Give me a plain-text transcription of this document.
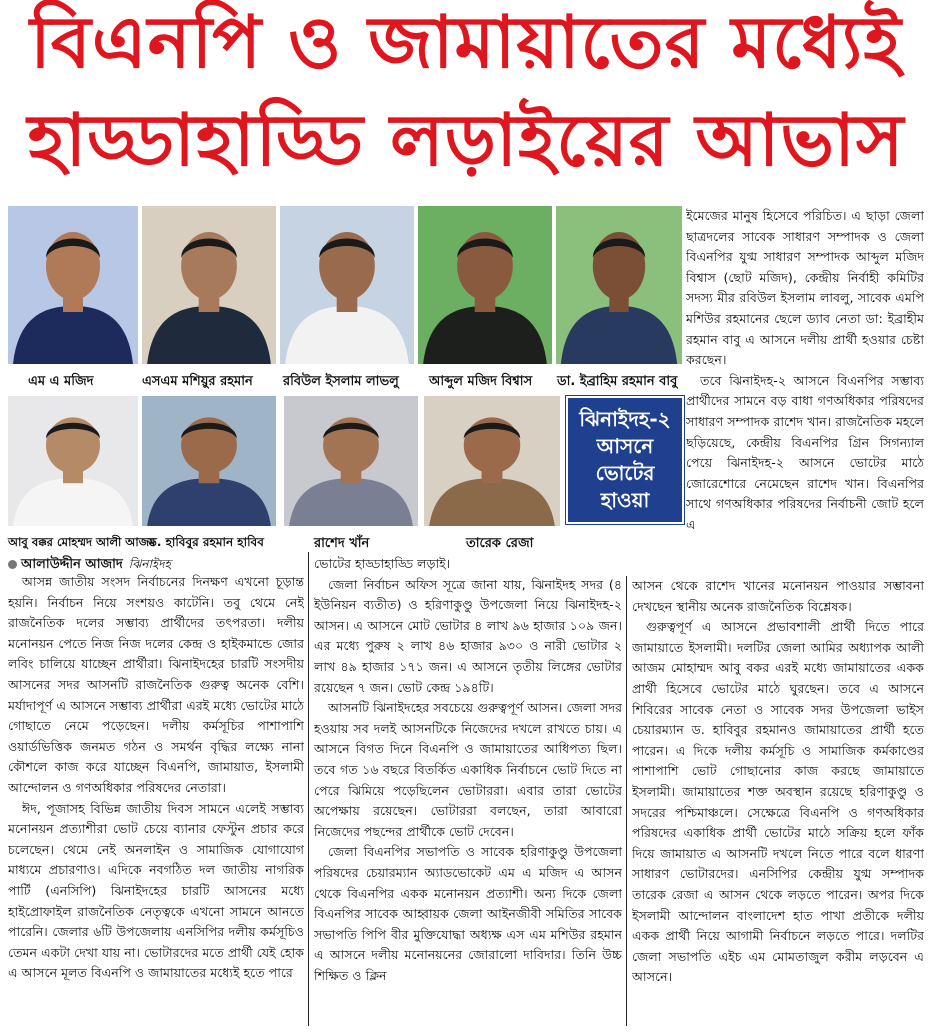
বিএনপি ও জামায়াতের মধ্যেই
হাড্ডাহাড্ডি লড়াইয়ের আভাস
এম এ মজিদ	এসএম মশিয়ুর রহমান রবিউল ইসলাম লাভলু আব্দুল মজিদ বিশ্বাস ডা. ইব্রাহিম রহমান বাবু
ঝিনাইদহ-২ আসনে ভোটের হাওয়া
আবু বক্কর মোহম্মদ আলী আজম
ড. হাবিবুর রহমান হাবিব	রাশেদ খাঁন	তারেক রেজা
আলাউদ্দীন আজাদ ঝিনাইদহ

আসন্ন জাতীয় সংসদ নির্বাচনের দিনক্ষণ এখনো চূড়ান্ত হয়নি। নির্বাচন নিয়ে সংশয়ও কাটেনি। তবু থেমে নেই রাজনৈতিক দলের সম্ভাব্য প্রার্থীদের তৎপরতা। দলীয় মনোনয়ন পেতে নিজ নিজ দলের কেন্দ্র ও হাইকমান্ডে জোর লবিং চালিয়ে যাচ্ছেন প্রার্থীরা। ঝিনাইদহের চারটি সংসদীয় আসনের সদর আসনটি রাজনৈতিক গুরুত্ব অনেক বেশি। মর্যাদাপূর্ণ এ আসনে সম্ভাব্য প্রার্থীরা এরই মধ্যে ভোটের মাঠে গোছাতে নেমে পড়েছেন। দলীয় কর্মসূচির পাশাপাশি ওয়ার্ডভিত্তিক জনমত গঠন ও সমর্থন বৃদ্ধির লক্ষ্যে নানা কৌশলে কাজ করে যাচ্ছেন বিএনপি, জামায়াত, ইসলামী আন্দোলন ও গণঅধিকার পরিষদের নেতারা।

ঈদ, পূজাসহ বিভিন্ন জাতীয় দিবস সামনে এলেই সম্ভাব্য মনোনয়ন প্রত্যাশীরা ভোট চেয়ে ব্যানার ফেস্টুন প্রচার করে চলেছেন। থেমে নেই অনলাইন ও সামাজিক যোগাযোগ মাধ্যমে প্রচারণাও। এদিকে নবগঠিত দল জাতীয় নাগরিক পার্টি (এনসিপি) ঝিনাইদহের চারটি আসনের মধ্যে হাইপ্রোফাইল রাজনৈতিক নেতৃত্বকে এখনো সামনে আনতে পারেনি। জেলার ৬টি উপজেলায় এনসিপির দলীয় কর্মসূচিও তেমন একটা দেখা যায় না। ভোটারদের মতে প্রার্থী যেই হোক এ আসনে মূলত বিএনপি ও জামায়াতের মধ্যেই হতে পারে

ভোটের হাড্ডাহাড্ডি লড়াই।

জেলা নির্বাচন অফিস সূত্রে জানা যায়, ঝিনাইদহ সদর (৪ ইউনিয়ন ব্যতীত) ও হরিণাকুণ্ডু উপজেলা নিয়ে ঝিনাইদহ-২ আসন। এ আসনে মোট ভোটার ৪ লাখ ৯৬ হাজার ১০৯ জন। এর মধ্যে পুরুষ ২ লাখ ৪৬ হাজার ৯৩০ ও নারী ভোটার ২ লাখ ৪৯ হাজার ১৭১ জন। এ আসনে তৃতীয় লিঙ্গের ভোটার রয়েছেন ৭ জন। ভোট কেন্দ্র ১৯৪টি।

আসনটি ঝিনাইদহের সবচেয়ে গুরুত্বপূর্ণ আসন। জেলা সদর হওয়ায় সব দলই আসনটিকে নিজেদের দখলে রাখতে চায়। এ আসনে বিগত দিনে বিএনপি ও জামায়াতের আধিপত্য ছিল। তবে গত ১৬ বছরে বিতর্কিত একাধিক নির্বাচনে ভোট দিতে না পেরে ঝিমিয়ে পড়েছিলেন ভোটাররা। এবার তারা ভোটের অপেক্ষায় রয়েছেন। ভোটাররা বলছেন, তারা আবারো নিজেদের পছন্দের প্রার্থীকে ভোট দেবেন।

জেলা বিএনপির সভাপতি ও সাবেক হরিণাকুণ্ডু উপজেলা পরিষদের চেয়ারম্যান অ্যাডভোকেট এম এ মজিদ এ আসন থেকে বিএনপির একক মনোনয়ন প্রত্যাশী। অন্য দিকে জেলা বিএনপির সাবেক আহ্বায়ক জেলা আইনজীবী সমিতির সাবেক সভাপতি পিপি বীর মুক্তিযোদ্ধা অধ্যক্ষ এস এম মশিউর রহমান এ আসনে দলীয় মনোনয়নের জোরালো দাবিদার। তিনি উচ্চ শিক্ষিত ও ক্লিন

ইমেজের মানুষ হিসেবে পরিচিত। এ ছাড়া জেলা ছাত্রদলের সাবেক সাধারণ সম্পাদক ও জেলা বিএনপির যুগ্ম সাধারণ সম্পাদক আব্দুল মজিদ বিশ্বাস (ছোট মজিদ), কেন্দ্রীয় নির্বাহী কমিটির সদস্য মীর রবিউল ইসলাম লাবলু, সাবেক এমপি মশিউর রহমানের ছেলে ড্যাব নেতা ডা: ইব্রাহীম রহমান বাবু এ আসনে দলীয় প্রার্থী হওয়ার চেষ্টা করছেন।

তবে ঝিনাইদহ-২ আসনে বিএনপির সম্ভাব্য প্রার্থীদের সামনে বড় বাধা গণঅধিকার পরিষদের সাধারণ সম্পাদক রাশেদ খান। রাজনৈতিক মহলে ছড়িয়েছে, কেন্দ্রীয় বিএনপির গ্রিন সিগন্যাল পেয়ে ঝিনাইদহ-২ আসনে ভোটের মাঠে জোরেশোরে নেমেছেন রাশেদ খান। বিএনপির সাথে গণঅধিকার পরিষদের নির্বাচনী জোট হলে এ

আসন থেকে রাশেদ খানের মনোনয়ন পাওয়ার সম্ভাবনা দেখছেন স্থানীয় অনেক রাজনৈতিক বিশ্লেষক।

গুরুত্বপূর্ণ এ আসনে প্রভাবশালী প্রার্থী দিতে পারে জামায়াতে ইসলামী। দলটির জেলা আমির অধ্যাপক আলী আজম মোহাম্মদ আবু বকর এরই মধ্যে জামায়াতের একক প্রার্থী হিসেবে ভোটের মাঠে ঘুরছেন। তবে এ আসনে শিবিরের সাবেক নেতা ও সাবেক সদর উপজেলা ভাইস চেয়ারম্যান ড. হাবিবুর রহমানও জামায়াতের প্রার্থী হতে পারেন। এ দিকে দলীয় কর্মসূচি ও সামাজিক কর্মকাণ্ডের পাশাপাশি ভোট গোছানোর কাজ করছে জামায়াতে ইসলামী। জামায়াতের শক্ত অবস্থান রয়েছে হরিণাকুণ্ডু ও সদরের পশ্চিমাঞ্চলে। সেক্ষেত্রে বিএনপি ও গণঅধিকার পরিষদের একাধিক প্রার্থী ভোটের মাঠে সক্রিয় হলে ফাঁক দিয়ে জামায়াত এ আসনটি দখলে নিতে পারে বলে ধারণা সাধারণ ভোটারদের। এনসিপির কেন্দ্রীয় যুগ্ম সম্পাদক তারেক রেজা এ আসন থেকে লড়তে পারেন। অপর দিকে ইসলামী আন্দোলন বাংলাদেশ হাত পাখা প্রতীকে দলীয় একক প্রার্থী নিয়ে আগামী নির্বাচনে লড়তে পারে। দলটির জেলা সভাপতি এইচ এম মোমতাজুল করীম লড়বেন এ আসনে।
